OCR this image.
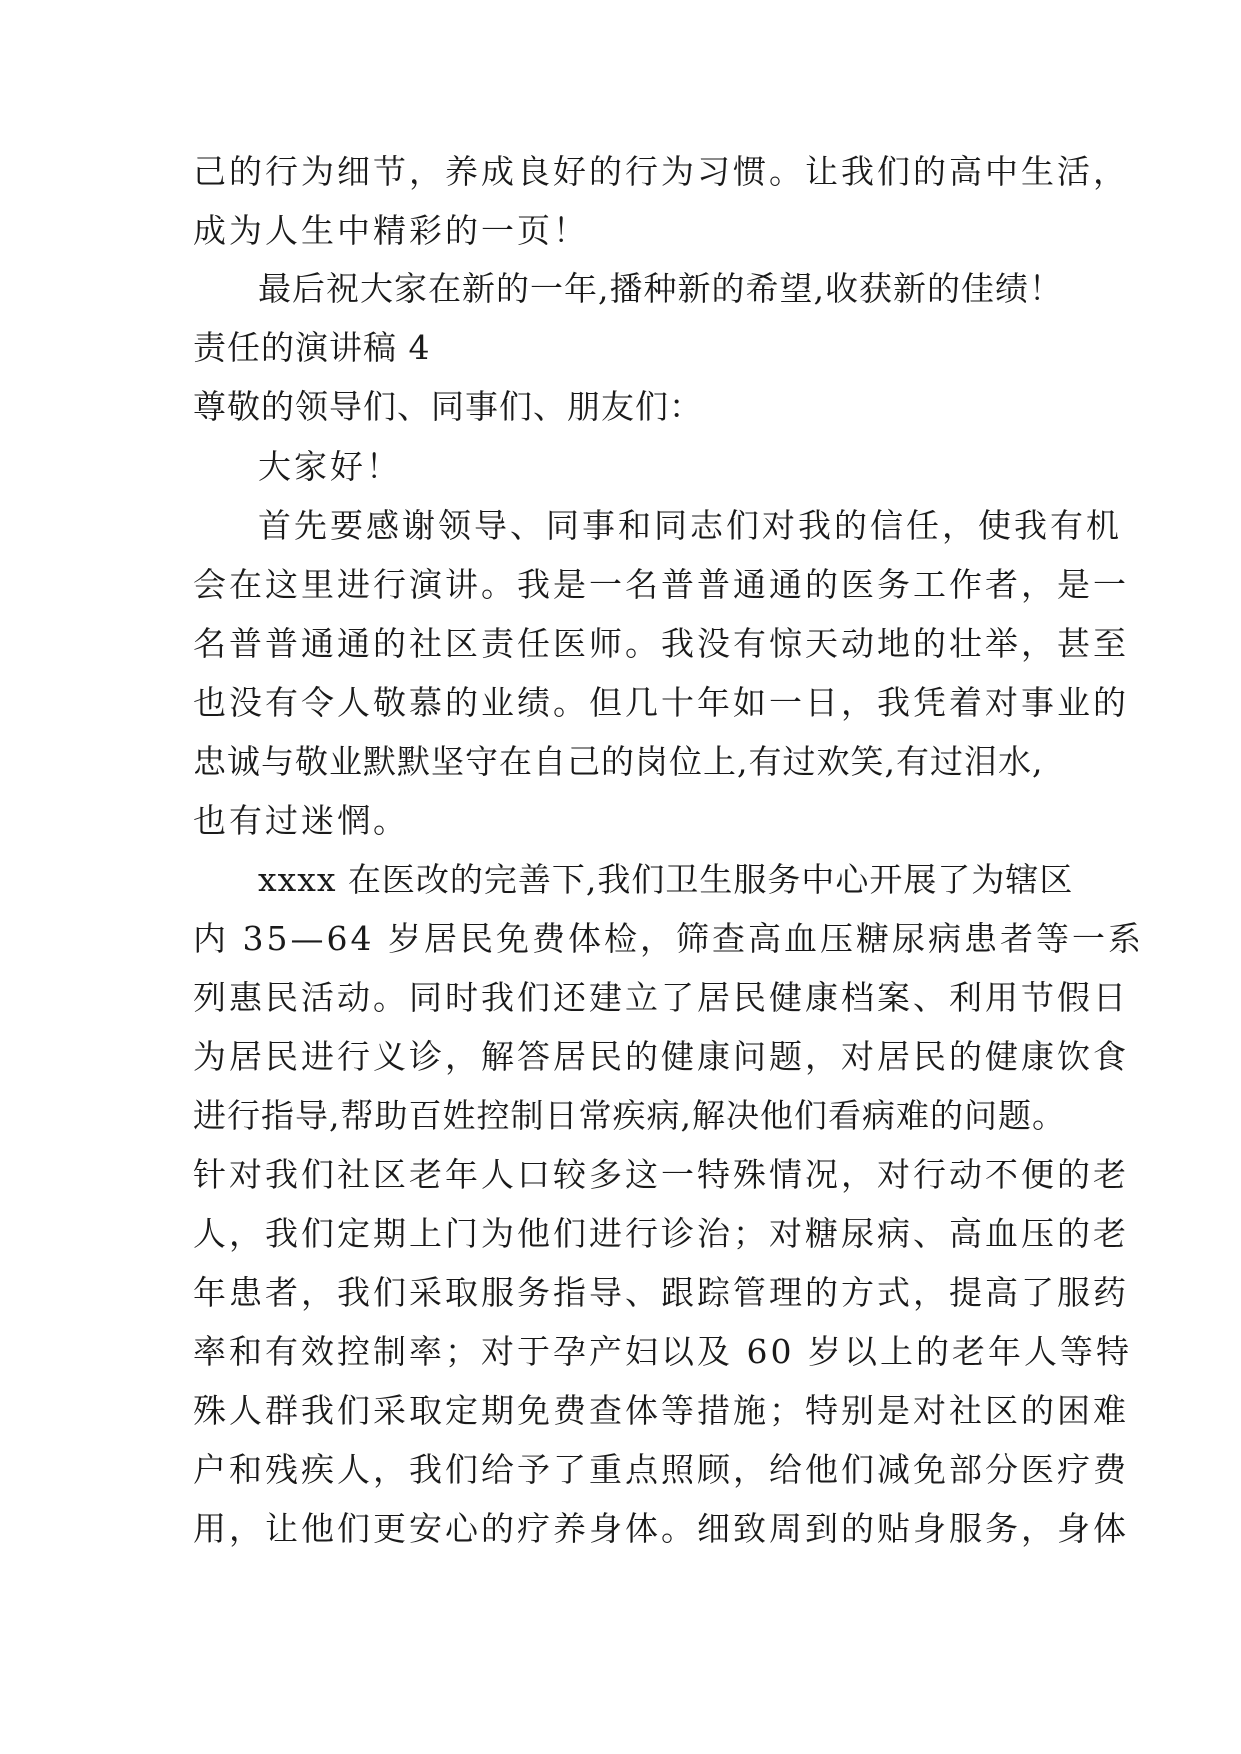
己的行为细节，养成良好的行为习惯。让我们的高中生活，
成为人生中精彩的一页！
最后祝大家在新的一年,播种新的希望,收获新的佳绩！
责任的演讲稿 4
尊敬的领导们、同事们、朋友们：
大家好！
首先要感谢领导、同事和同志们对我的信任，使我有机
会在这里进行演讲。我是一名普普通通的医务工作者，是一
名普普通通的社区责任医师。我没有惊天动地的壮举，甚至
也没有令人敬慕的业绩。但几十年如一日，我凭着对事业的
忠诚与敬业默默坚守在自己的岗位上,有过欢笑,有过泪水,
也有过迷惘。
xxxx 在医改的完善下,我们卫生服务中心开展了为辖区
内 35—64 岁居民免费体检，筛查高血压糖尿病患者等一系
列惠民活动。同时我们还建立了居民健康档案、利用节假日
为居民进行义诊，解答居民的健康问题，对居民的健康饮食
进行指导,帮助百姓控制日常疾病,解决他们看病难的问题。
针对我们社区老年人口较多这一特殊情况，对行动不便的老
人，我们定期上门为他们进行诊治；对糖尿病、高血压的老
年患者，我们采取服务指导、跟踪管理的方式，提高了服药
率和有效控制率；对于孕产妇以及 60 岁以上的老年人等特
殊人群我们采取定期免费查体等措施；特别是对社区的困难
户和残疾人，我们给予了重点照顾，给他们减免部分医疗费
用，让他们更安心的疗养身体。细致周到的贴身服务，身体
